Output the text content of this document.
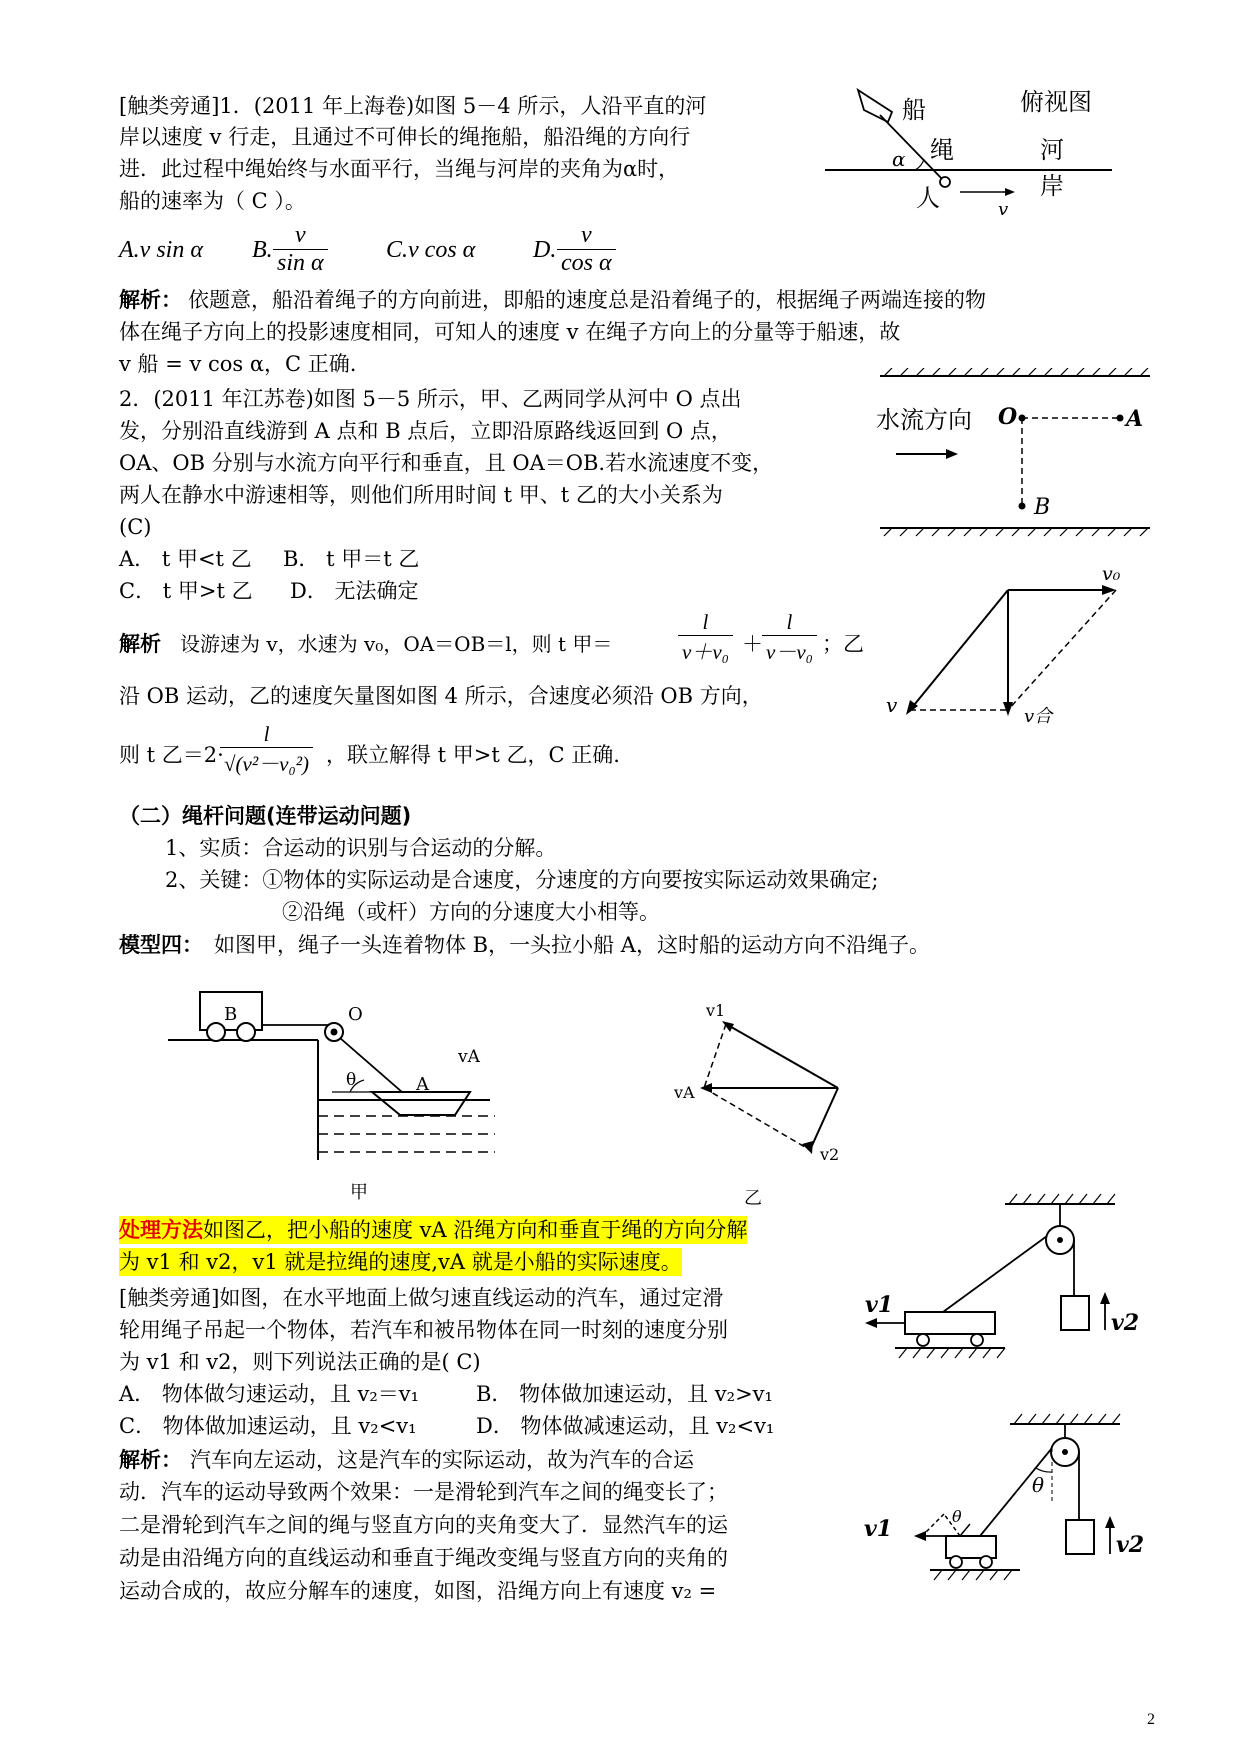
[触类旁通]1．(2011 年上海卷)如图 5－4 所示，人沿平直的河
岸以速度 v 行走，且通过不可伸长的绳拖船，船沿绳的方向行
进．此过程中绳始终与水面平行，当绳与河岸的夹角为α时，
船的速率为（ C ）。
A.v sin α B. $\frac{v}{\text{sin α}} C.v$ cos α D. $\frac{v}{\text{cos α}}$
解析： 依题意，船沿着绳子的方向前进，即船的速度总是沿着绳子的，根据绳子两端连接的物
体在绳子方向上的投影速度相同，可知人的速度 v 在绳子方向上的分量等于船速，故
v 船 = v cos α，C 正确.
船	俯视图
绳
α	河
岸
人	v
2．(2011 年江苏卷)如图 5－5 所示，甲、乙两同学从河中 O 点出
发，分别沿直线游到 A 点和 B 点后，立即沿原路线返回到 O 点，
OA、OB 分别与水流方向平行和垂直，且 OA＝OB.若水流速度不变，
两人在静水中游速相等，则他们所用时间 t 甲、t 乙的大小关系为
(C)
A． t 甲<t 乙 B． t 甲＝t 乙
C． t 甲>t 乙 D． 无法确定
解析 设游速为 v，水速为 v₀，OA＝OB＝l，则 t 甲＝	$\frac{l}{\text{v＋v₀}} + \frac{l}{\text{v－v₀}}$ ；乙
沿 OB 运动，乙的速度矢量图如图 4 所示，合速度必须沿 OB 方向，
则 t 乙＝2·
$\frac{l}{\text{√(v²－v₀²)}}$ ，联立解得 t 甲>t 乙，C 正确.
水流方向 O	A
B
v₀
v	v合
（二）绳杆问题(连带运动问题)
1、实质：合运动的识别与合运动的分解。
2、关键：①物体的实际运动是合速度，分速度的方向要按实际运动效果确定;
②沿绳（或杆）方向的分速度大小相等。
模型四： 如图甲，绳子一头连着物体 B，一头拉小船 A，这时船的运动方向不沿绳子。
B	O
vA
θ	A
甲
v1
vA
v2
乙
处理方法如图乙，把小船的速度 vA 沿绳方向和垂直于绳的方向分解
为 v1 和 v2，v1 就是拉绳的速度,vA 就是小船的实际速度。
[触类旁通]如图，在水平地面上做匀速直线运动的汽车，通过定滑
轮用绳子吊起一个物体，若汽车和被吊物体在同一时刻的速度分别
为 v1 和 v2，则下列说法正确的是( C)
A． 物体做匀速运动，且 v₂＝v₁	B． 物体做加速运动，且 v₂>v₁
C． 物体做加速运动，且 v₂<v₁	D． 物体做减速运动，且 v₂<v₁
解析： 汽车向左运动，这是汽车的实际运动，故为汽车的合运
动．汽车的运动导致两个效果：一是滑轮到汽车之间的绳变长了；
二是滑轮到汽车之间的绳与竖直方向的夹角变大了．显然汽车的运
动是由沿绳方向的直线运动和垂直于绳改变绳与竖直方向的夹角的
运动合成的，故应分解车的速度，如图，沿绳方向上有速度 v₂ =
v1
v2
θ
θ
v1
v2
2
